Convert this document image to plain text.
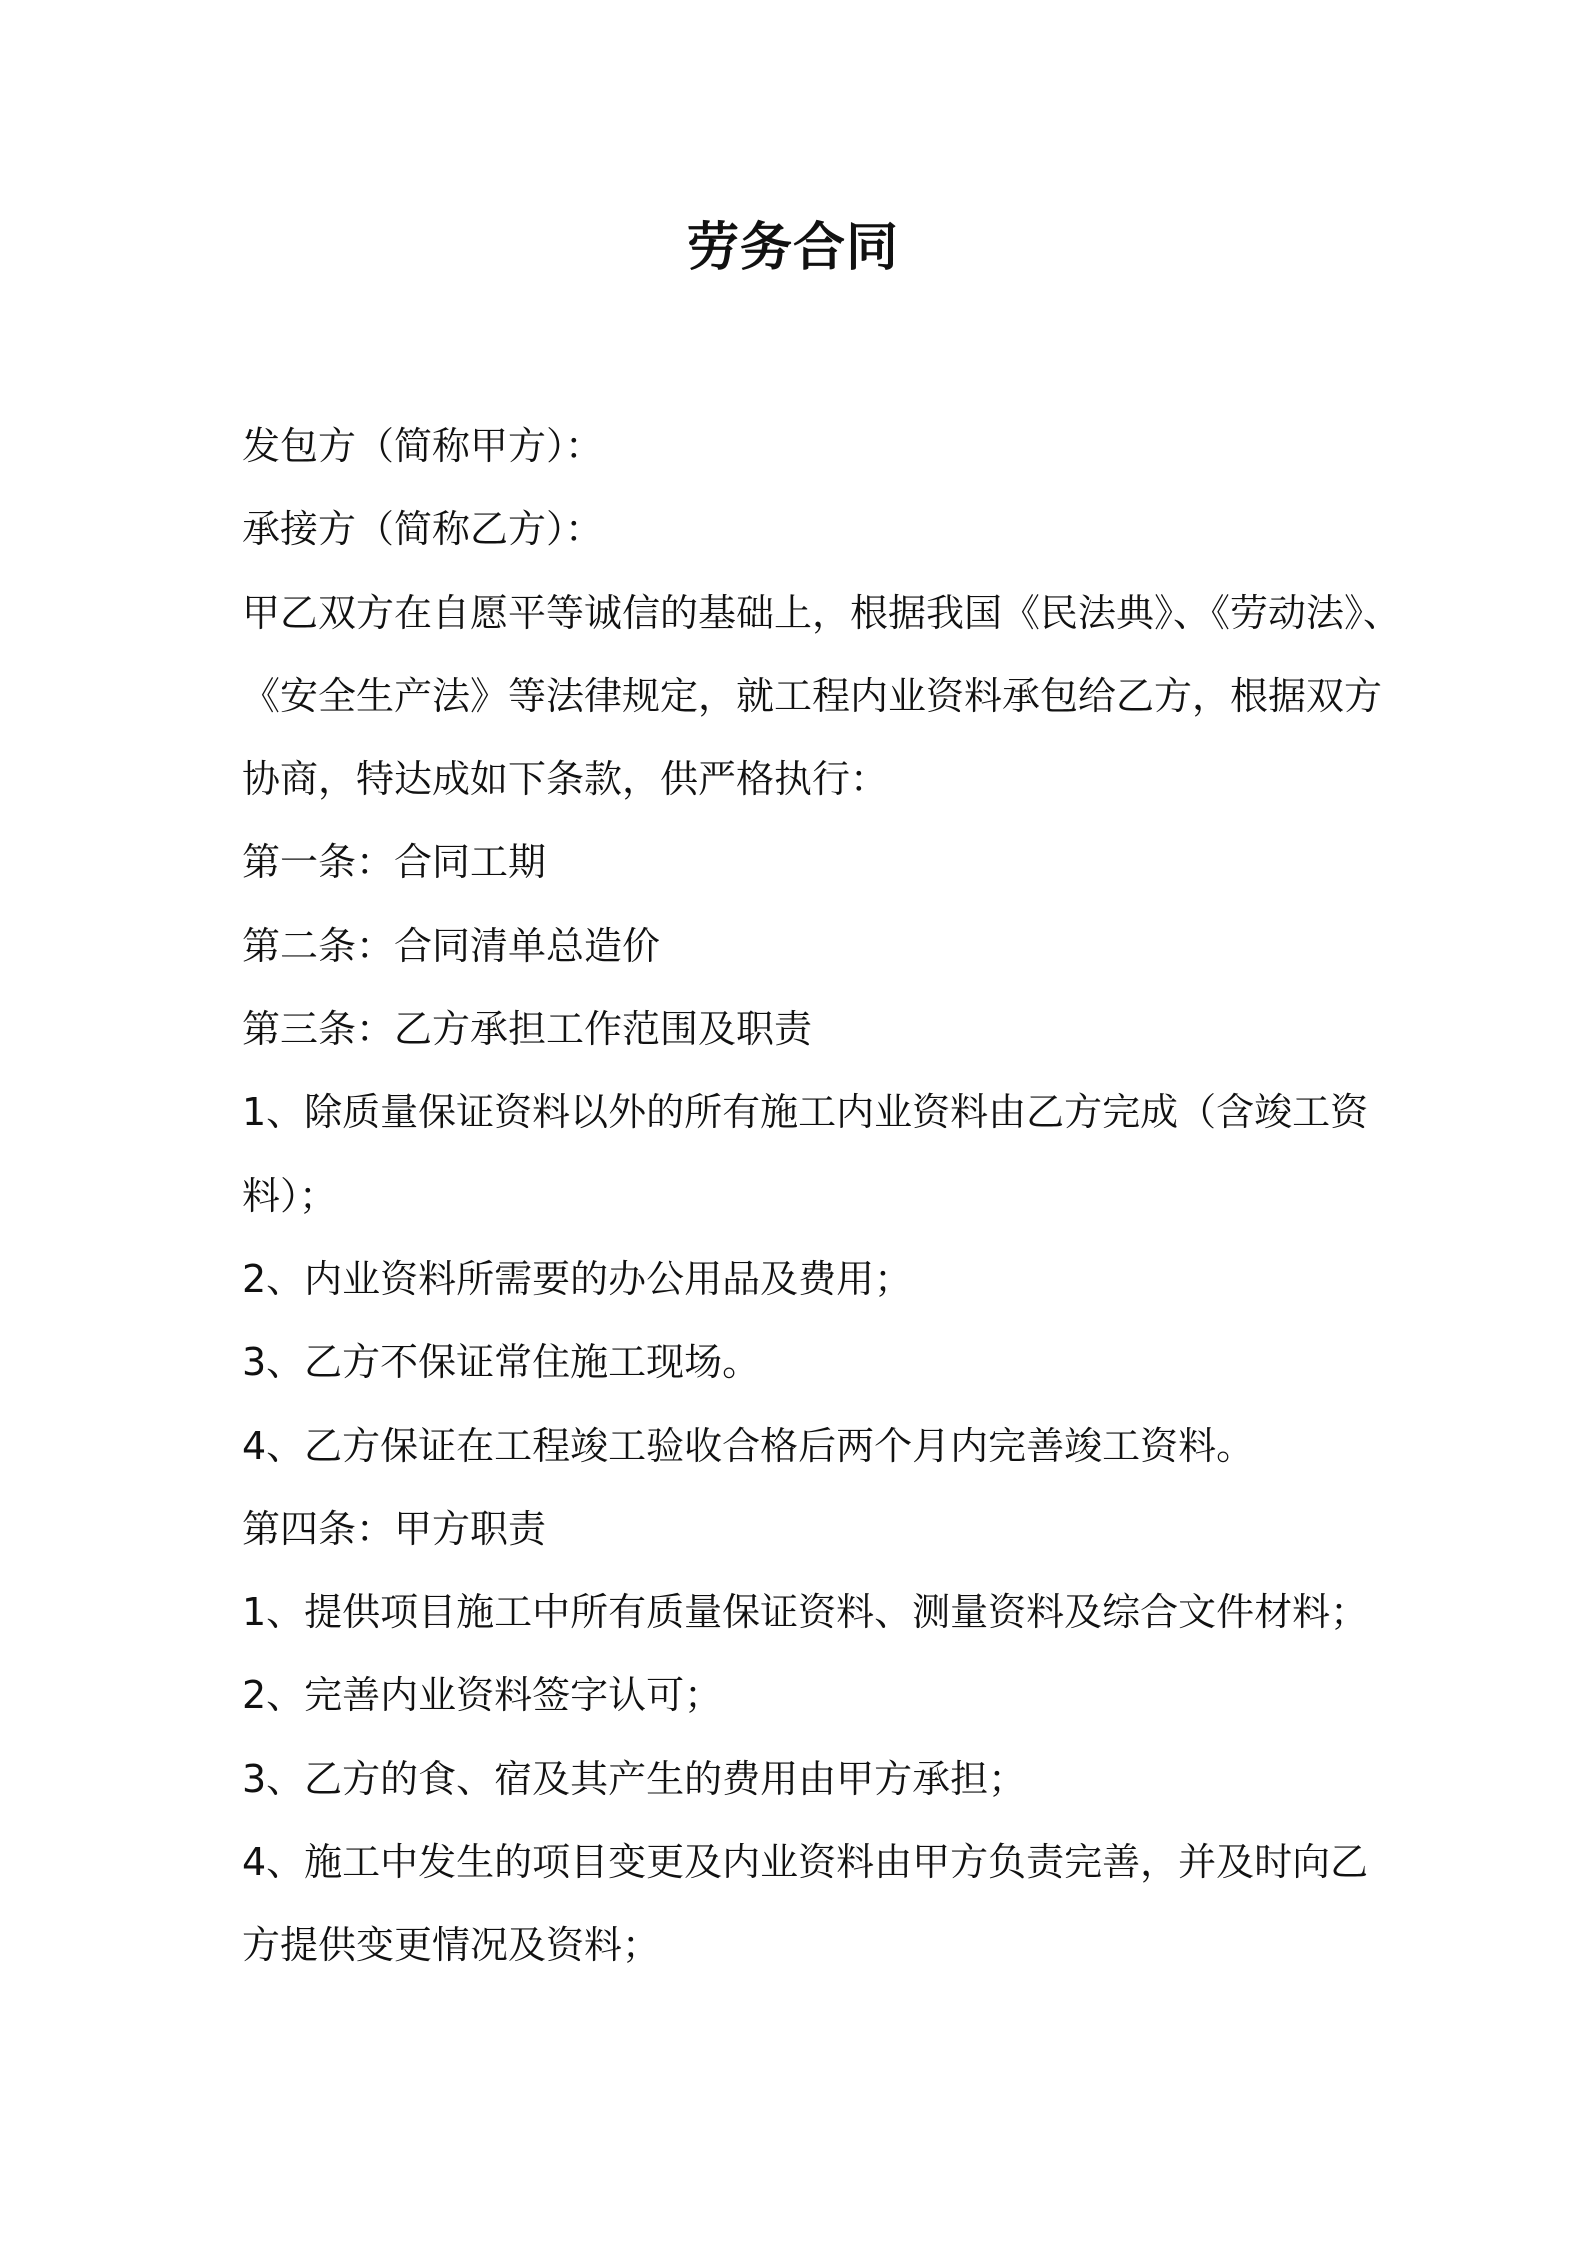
劳务合同
发包方（简称甲方）：
承接方（简称乙方）：
甲乙双方在自愿平等诚信的基础上，根据我国《民法典》、《劳动法》、
《安全生产法》等法律规定，就工程内业资料承包给乙方，根据双方
协商，特达成如下条款，供严格执行：
第一条：合同工期
第二条：合同清单总造价
第三条：乙方承担工作范围及职责
1、除质量保证资料以外的所有施工内业资料由乙方完成（含竣工资
料）；
2、内业资料所需要的办公用品及费用；
3、乙方不保证常住施工现场。
4、乙方保证在工程竣工验收合格后两个月内完善竣工资料。
第四条：甲方职责
1、提供项目施工中所有质量保证资料、测量资料及综合文件材料；
2、完善内业资料签字认可；
3、乙方的食、宿及其产生的费用由甲方承担；
4、施工中发生的项目变更及内业资料由甲方负责完善，并及时向乙
方提供变更情况及资料；
